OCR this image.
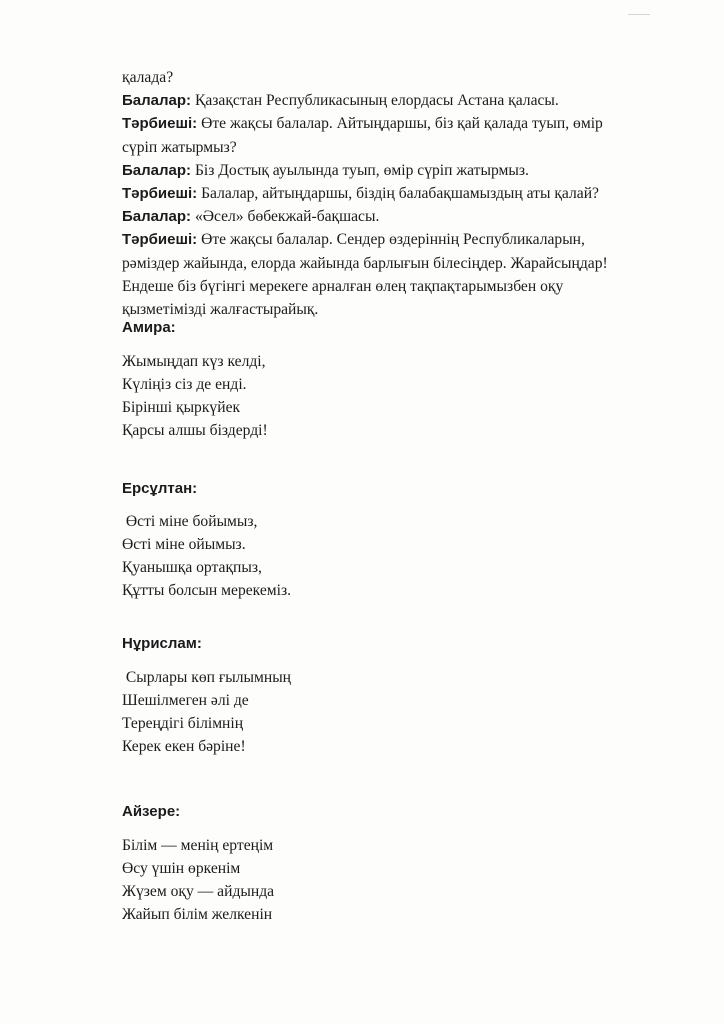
қалада?
Балалар: Қазақстан Республикасының елордасы Астана қаласы.
Тәрбиеші: Өте жақсы балалар. Айтыңдаршы, біз қай қалада туып, өмір
сүріп жатырмыз?
Балалар: Біз Достық ауылында туып, өмір сүріп жатырмыз.
Тәрбиеші: Балалар, айтыңдаршы, біздің балабақшамыздың аты қалай?
Балалар: «Әсел» бөбекжай-бақшасы.
Тәрбиеші: Өте жақсы балалар. Сендер өздеріннің Республикаларын,
рәміздер жайында, елорда жайында барлығын білесіңдер. Жарайсыңдар!
Ендеше біз бүгінгі мерекеге арналған өлең тақпақтарымызбен оқу
қызметімізді жалғастырайық.
Амира:
Жымыңдап күз келді,
Күліңіз сіз де енді.
Бірінші қыркүйек
Қарсы алшы біздерді!
Ерсұлтан:
Өсті міне бойымыз,
Өсті міне ойымыз.
Қуанышқа ортақпыз,
Құтты болсын мерекеміз.
Нұрислам:
Сырлары көп ғылымның
Шешілмеген әлі де
Тереңдігі білімнің
Керек екен бәріне!
Айзере:
Білім — менің ертеңім
Өсу үшін өркенім
Жүзем оқу — айдында
Жайып білім желкенін
